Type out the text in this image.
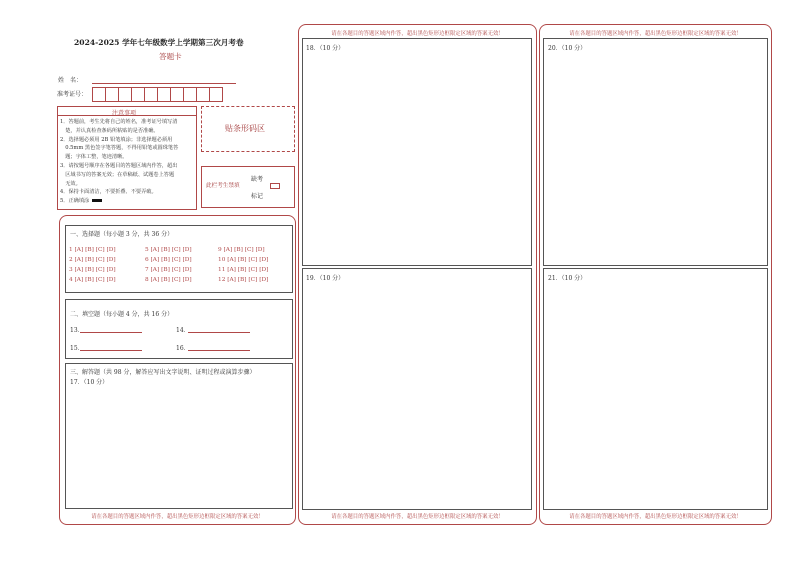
2024-2025 学年七年级数学上学期第三次月考卷
答题卡
姓　名：
准考证号：
注意事项
1．答题前，考生先将自己的姓名，准考证号填写清
　楚，并认真检查条码所粘贴的是否准确。
2．选择题必须用 2B 铅笔填涂；非选择题必须用
　0.5mm 黑色签字笔答题，不得用铅笔或圆珠笔答
　题；字体工整，笔迹清晰。
3．请按题号顺序在各题目的答题区域内作答，超出
　区域书写的答案无效；在草稿纸、试题卷上答题
　无效。
4．保持卡面清洁，不要折叠、不要弄破。
5．正确填涂
贴条形码区
此栏考生禁填
缺考
标记
一、选择题（每小题 3 分，共 36 分）
1 [A] [B] [C] [D]
2 [A] [B] [C] [D]
3 [A] [B] [C] [D]
4 [A] [B] [C] [D]
5 [A] [B] [C] [D]
6 [A] [B] [C] [D]
7 [A] [B] [C] [D]
8 [A] [B] [C] [D]
9 [A] [B] [C] [D]
10 [A] [B] [C] [D]
11 [A] [B] [C] [D]
12 [A] [B] [C] [D]
二、填空题（每小题 4 分，共 16 分）
13．	14．
15．	16．
三、解答题（共 98 分，解答应写出文字说明、证明过程或演算步骤）
17．（10 分）
请在各题目的答题区域内作答，超出黑色矩形边框限定区域的答案无效！
请在各题目的答题区域内作答，超出黑色矩形边框限定区域的答案无效！
18．（10 分）
19．（10 分）
请在各题目的答题区域内作答，超出黑色矩形边框限定区域的答案无效！
请在各题目的答题区域内作答，超出黑色矩形边框限定区域的答案无效！
20．（10 分）
21．（10 分）
请在各题目的答题区域内作答，超出黑色矩形边框限定区域的答案无效！
